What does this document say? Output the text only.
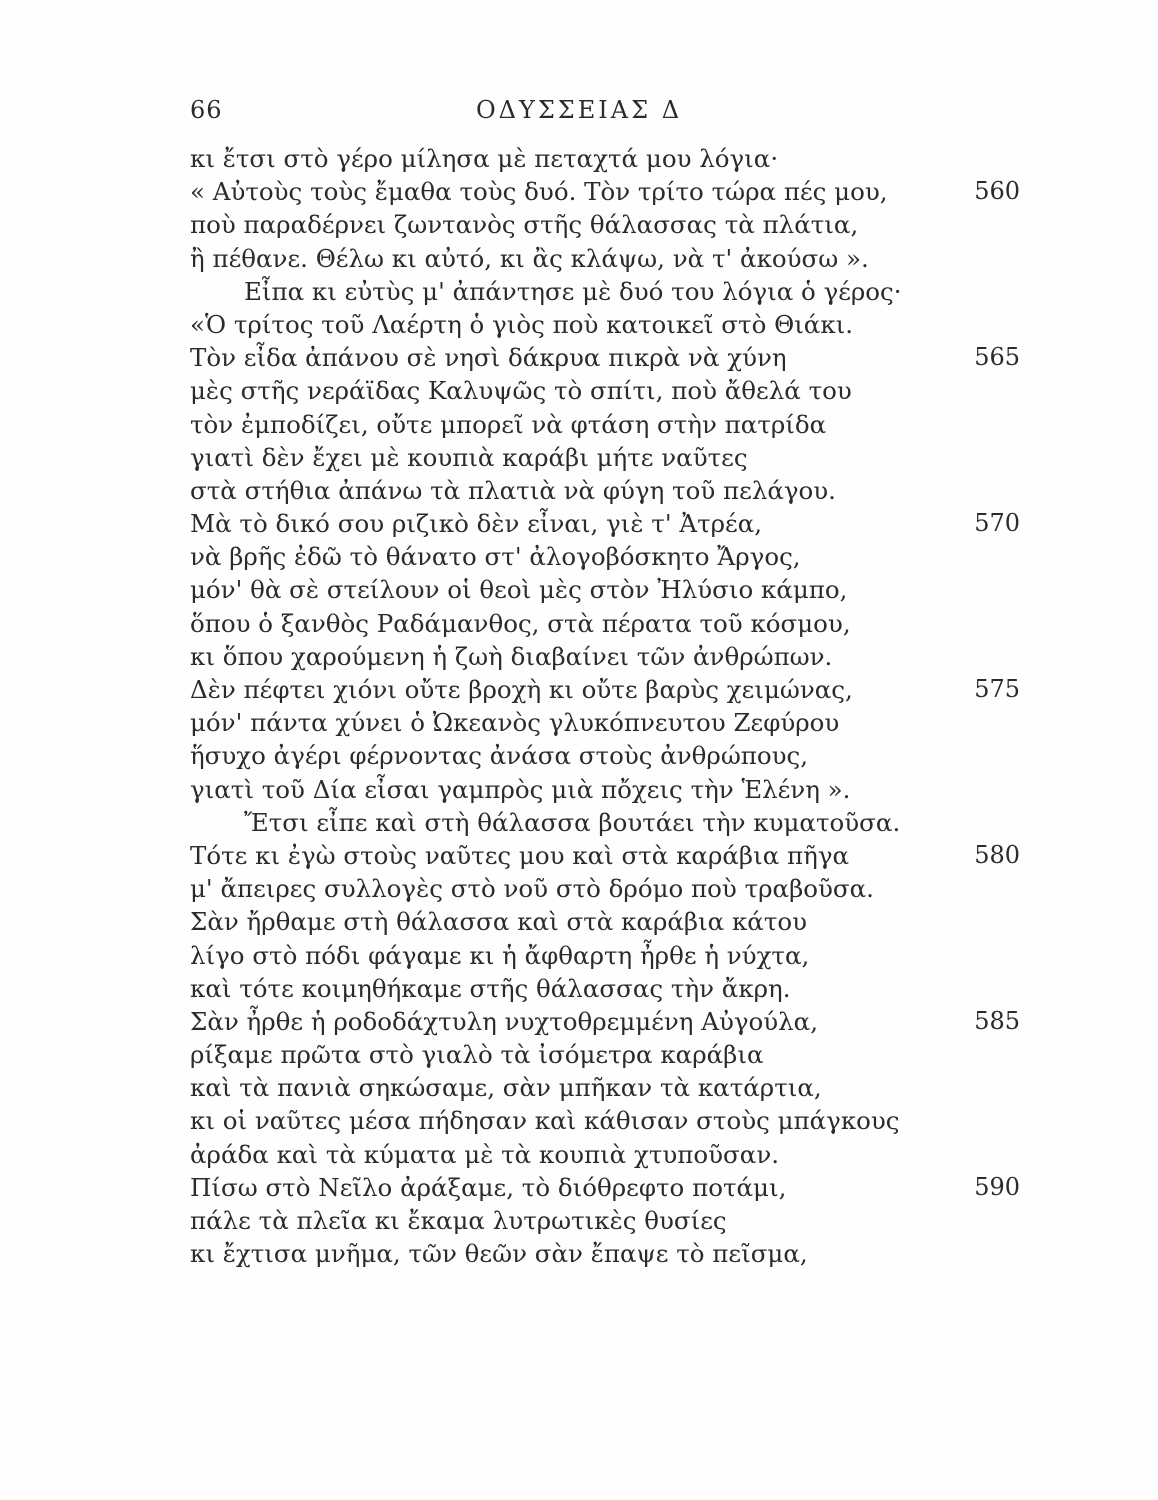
66	ΟΔΥΣΣΕΙΑΣ Δ
κι ἔτσι στὸ γέρο μίλησα μὲ πεταχτά μου λόγια·
« Αὐτοὺς τοὺς ἔμαθα τοὺς δυό. Τὸν τρίτο τώρα πές μου,	560
ποὺ παραδέρνει ζωντανὸς στῆς θάλασσας τὰ πλάτια,
ἢ πέθανε. Θέλω κι αὐτό, κι ἂς κλάψω, νὰ τ' ἀκούσω ».
Εἶπα κι εὐτὺς μ' ἀπάντησε μὲ δυό του λόγια ὁ γέρος·
«Ὁ τρίτος τοῦ Λαέρτη ὁ γιὸς ποὺ κατοικεῖ στὸ Θιάκι.
Τὸν εἶδα ἀπάνου σὲ νησὶ δάκρυα πικρὰ νὰ χύνη	565
μὲς στῆς νεράϊδας Καλυψῶς τὸ σπίτι, ποὺ ἄθελά του
τὸν ἐμποδίζει, οὔτε μπορεῖ νὰ φτάση στὴν πατρίδα
γιατὶ δὲν ἔχει μὲ κουπιὰ καράβι μήτε ναῦτες
στὰ στήθια ἀπάνω τὰ πλατιὰ νὰ φύγη τοῦ πελάγου.
Μὰ τὸ δικό σου ριζικὸ δὲν εἶναι, γιὲ τ' Ἀτρέα,	570
νὰ βρῆς ἐδῶ τὸ θάνατο στ' ἀλογοβόσκητο Ἄργος,
μόν' θὰ σὲ στείλουν οἱ θεοὶ μὲς στὸν Ἠλύσιο κάμπο,
ὅπου ὁ ξανθὸς Ραδάμανθος, στὰ πέρατα τοῦ κόσμου,
κι ὅπου χαρούμενη ἡ ζωὴ διαβαίνει τῶν ἀνθρώπων.
Δὲν πέφτει χιόνι οὔτε βροχὴ κι οὔτε βαρὺς χειμώνας,	575
μόν' πάντα χύνει ὁ Ὠκεανὸς γλυκόπνευτου Ζεφύρου
ἥσυχο ἀγέρι φέρνοντας ἀνάσα στοὺς ἀνθρώπους,
γιατὶ τοῦ Δία εἶσαι γαμπρὸς μιὰ πὄχεις τὴν Ἑλένη ».
Ἔτσι εἶπε καὶ στὴ θάλασσα βουτάει τὴν κυματοῦσα.
Τότε κι ἐγὼ στοὺς ναῦτες μου καὶ στὰ καράβια πῆγα	580
μ' ἄπειρες συλλογὲς στὸ νοῦ στὸ δρόμο ποὺ τραβοῦσα.
Σὰν ἤρθαμε στὴ θάλασσα καὶ στὰ καράβια κάτου
λίγο στὸ πόδι φάγαμε κι ἡ ἄφθαρτη ἦρθε ἡ νύχτα,
καὶ τότε κοιμηθήκαμε στῆς θάλασσας τὴν ἄκρη.
Σὰν ἦρθε ἡ ροδοδάχτυλη νυχτοθρεμμένη Αὐγούλα,	585
ρίξαμε πρῶτα στὸ γιαλὸ τὰ ἰσόμετρα καράβια
καὶ τὰ πανιὰ σηκώσαμε, σὰν μπῆκαν τὰ κατάρτια,
κι οἱ ναῦτες μέσα πήδησαν καὶ κάθισαν στοὺς μπάγκους
ἀράδα καὶ τὰ κύματα μὲ τὰ κουπιὰ χτυποῦσαν.
Πίσω στὸ Νεῖλο ἀράξαμε, τὸ διόθρεφτο ποτάμι,	590
πάλε τὰ πλεῖα κι ἔκαμα λυτρωτικὲς θυσίες
κι ἔχτισα μνῆμα, τῶν θεῶν σὰν ἔπαψε τὸ πεῖσμα,
